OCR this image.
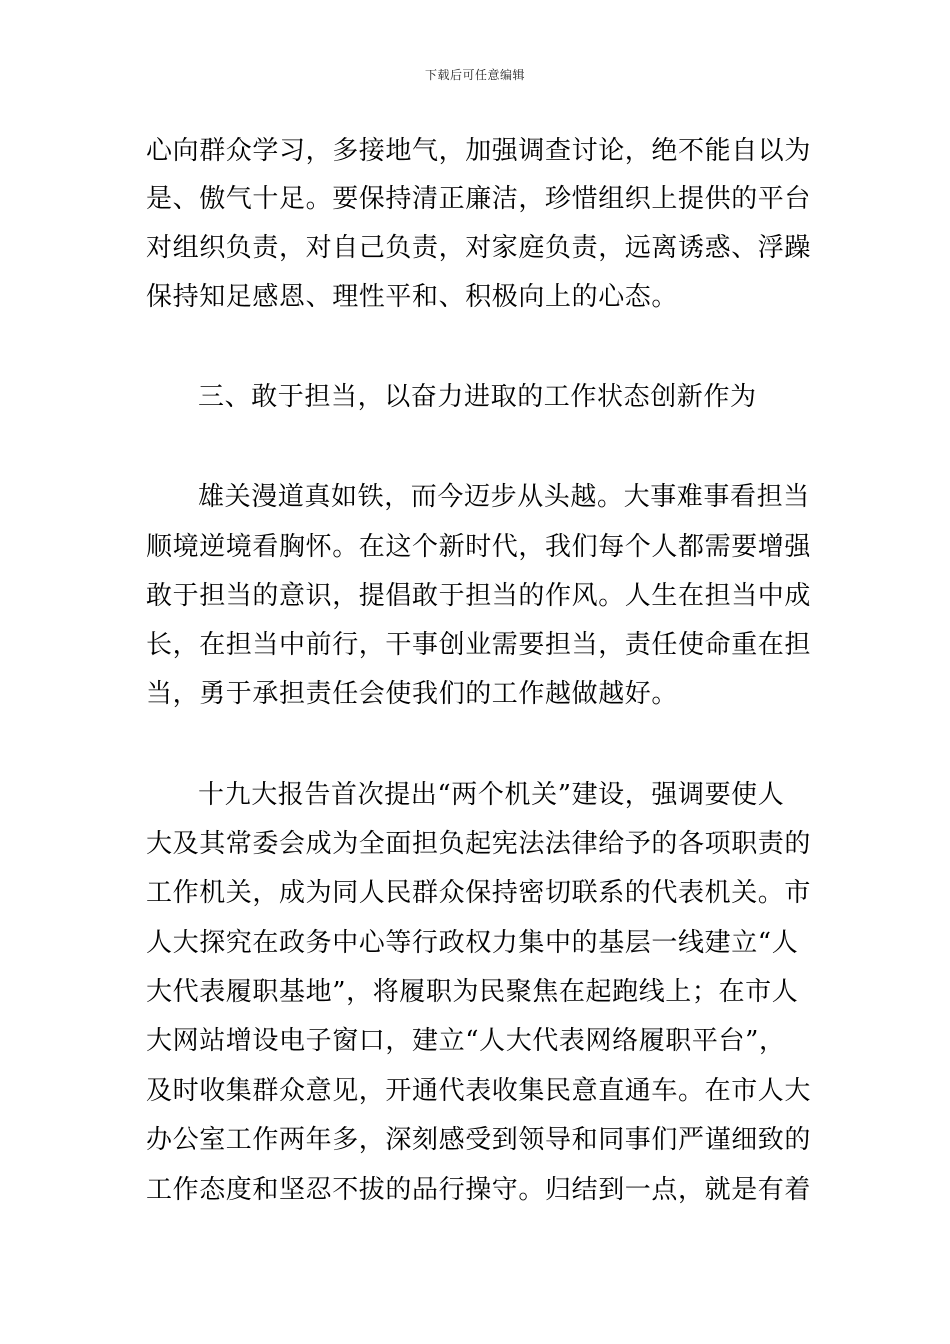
下载后可任意编辑
心向群众学习，多接地气，加强调查讨论，绝不能自以为
是、傲气十足。要保持清正廉洁，珍惜组织上提供的平台
对组织负责，对自己负责，对家庭负责，远离诱惑、浮躁
保持知足感恩、理性平和、积极向上的心态。
三、敢于担当，以奋力进取的工作状态创新作为
雄关漫道真如铁，而今迈步从头越。大事难事看担当
顺境逆境看胸怀。在这个新时代，我们每个人都需要增强
敢于担当的意识，提倡敢于担当的作风。人生在担当中成
长，在担当中前行，干事创业需要担当，责任使命重在担
当，勇于承担责任会使我们的工作越做越好。
十九大报告首次提出“两个机关”建设，强调要使人
大及其常委会成为全面担负起宪法法律给予的各项职责的
工作机关，成为同人民群众保持密切联系的代表机关。市
人大探究在政务中心等行政权力集中的基层一线建立“人
大代表履职基地”，将履职为民聚焦在起跑线上；在市人
大网站增设电子窗口，建立“人大代表网络履职平台”，
及时收集群众意见，开通代表收集民意直通车。在市人大
办公室工作两年多，深刻感受到领导和同事们严谨细致的
工作态度和坚忍不拔的品行操守。归结到一点，就是有着
